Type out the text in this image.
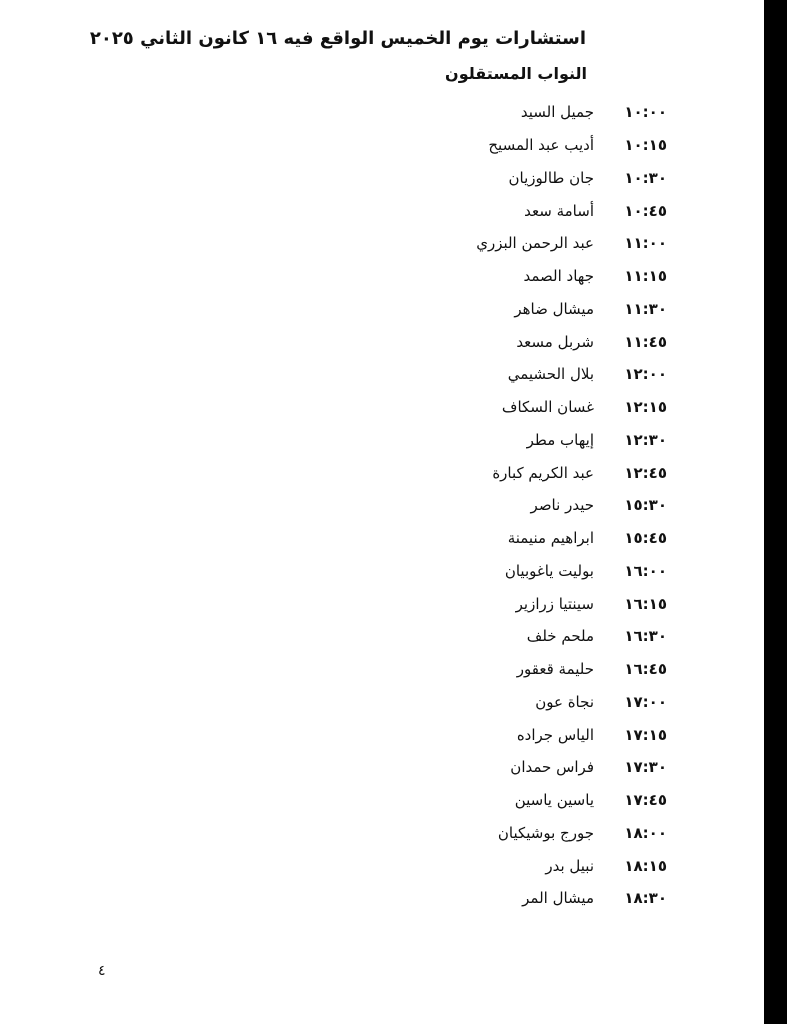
استشارات يوم الخميس الواقع فيه ١٦ كانون الثاني ٢٠٢٥
النواب المستقلون
١٠:٠٠
جميل السيد
١٠:١٥
أديب عبد المسيح
١٠:٣٠
جان طالوزيان
١٠:٤٥
أسامة سعد
١١:٠٠
عبد الرحمن البزري
١١:١٥
جهاد الصمد
١١:٣٠
ميشال ضاهر
١١:٤٥
شربل مسعد
١٢:٠٠
بلال الحشيمي
١٢:١٥
غسان السكاف
١٢:٣٠
إيهاب مطر
١٢:٤٥
عبد الكريم كبارة
١٥:٣٠
حيدر ناصر
١٥:٤٥
ابراهيم منيمنة
١٦:٠٠
بوليت ياغوبيان
١٦:١٥
سينتيا زرازير
١٦:٣٠
ملحم خلف
١٦:٤٥
حليمة قعقور
١٧:٠٠
نجاة عون
١٧:١٥
الياس جراده
١٧:٣٠
فراس حمدان
١٧:٤٥
ياسين ياسين
١٨:٠٠
جورج بوشيكيان
١٨:١٥
نبيل بدر
١٨:٣٠
ميشال المر
٤
